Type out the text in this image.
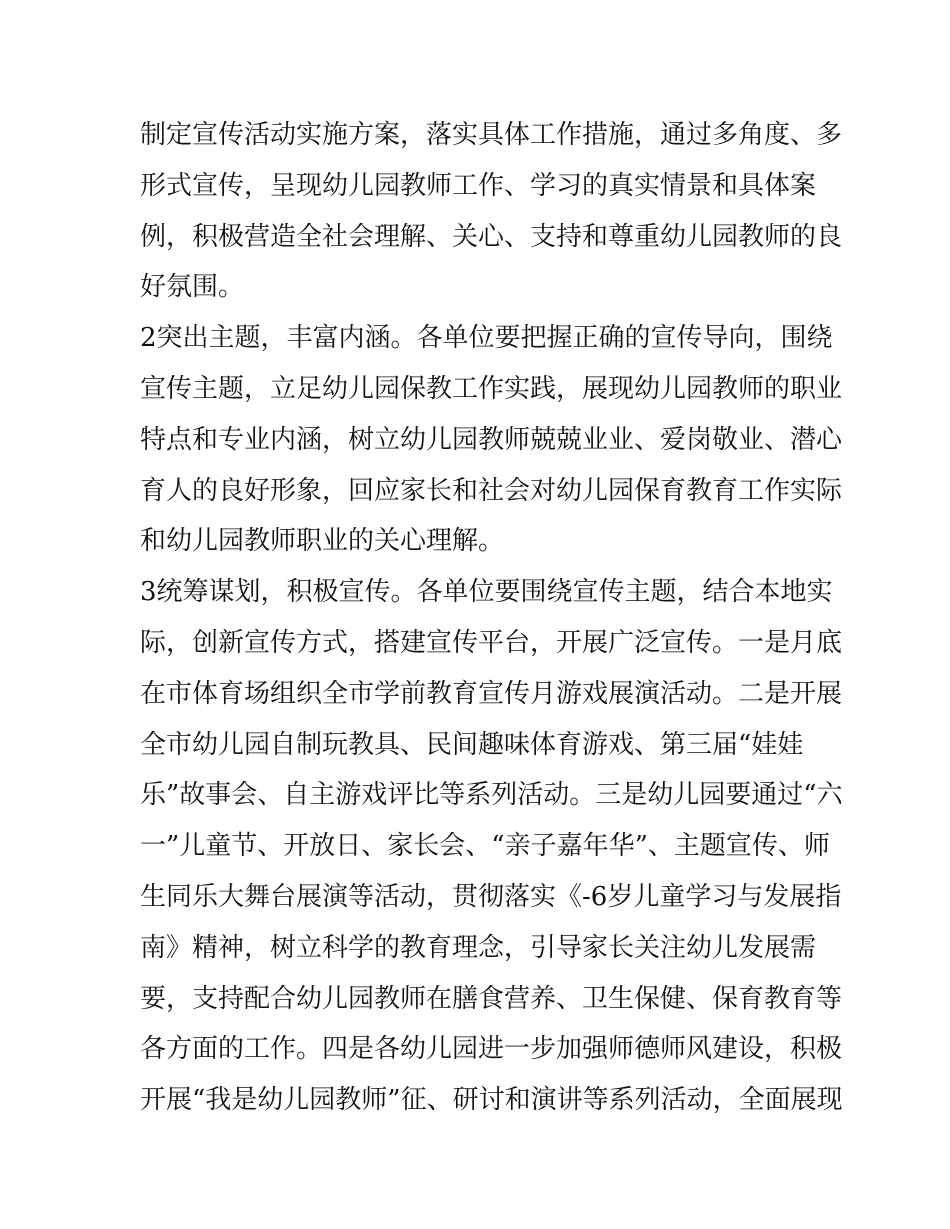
制定宣传活动实施方案，落实具体工作措施，通过多角度、多
形式宣传，呈现幼儿园教师工作、学习的真实情景和具体案
例，积极营造全社会理解、关心、支持和尊重幼儿园教师的良
好氛围。
2突出主题，丰富内涵。各单位要把握正确的宣传导向，围绕
宣传主题，立足幼儿园保教工作实践，展现幼儿园教师的职业
特点和专业内涵，树立幼儿园教师兢兢业业、爱岗敬业、潜心
育人的良好形象，回应家长和社会对幼儿园保育教育工作实际
和幼儿园教师职业的关心理解。
3统筹谋划，积极宣传。各单位要围绕宣传主题，结合本地实
际，创新宣传方式，搭建宣传平台，开展广泛宣传。一是月底
在市体育场组织全市学前教育宣传月游戏展演活动。二是开展
全市幼儿园自制玩教具、民间趣味体育游戏、第三届“娃娃
乐”故事会、自主游戏评比等系列活动。三是幼儿园要通过“六
一”儿童节、开放日、家长会、“亲子嘉年华”、主题宣传、师
生同乐大舞台展演等活动，贯彻落实《-6岁儿童学习与发展指
南》精神，树立科学的教育理念，引导家长关注幼儿发展需
要，支持配合幼儿园教师在膳食营养、卫生保健、保育教育等
各方面的工作。四是各幼儿园进一步加强师德师风建设，积极
开展“我是幼儿园教师”征、研讨和演讲等系列活动，全面展现
